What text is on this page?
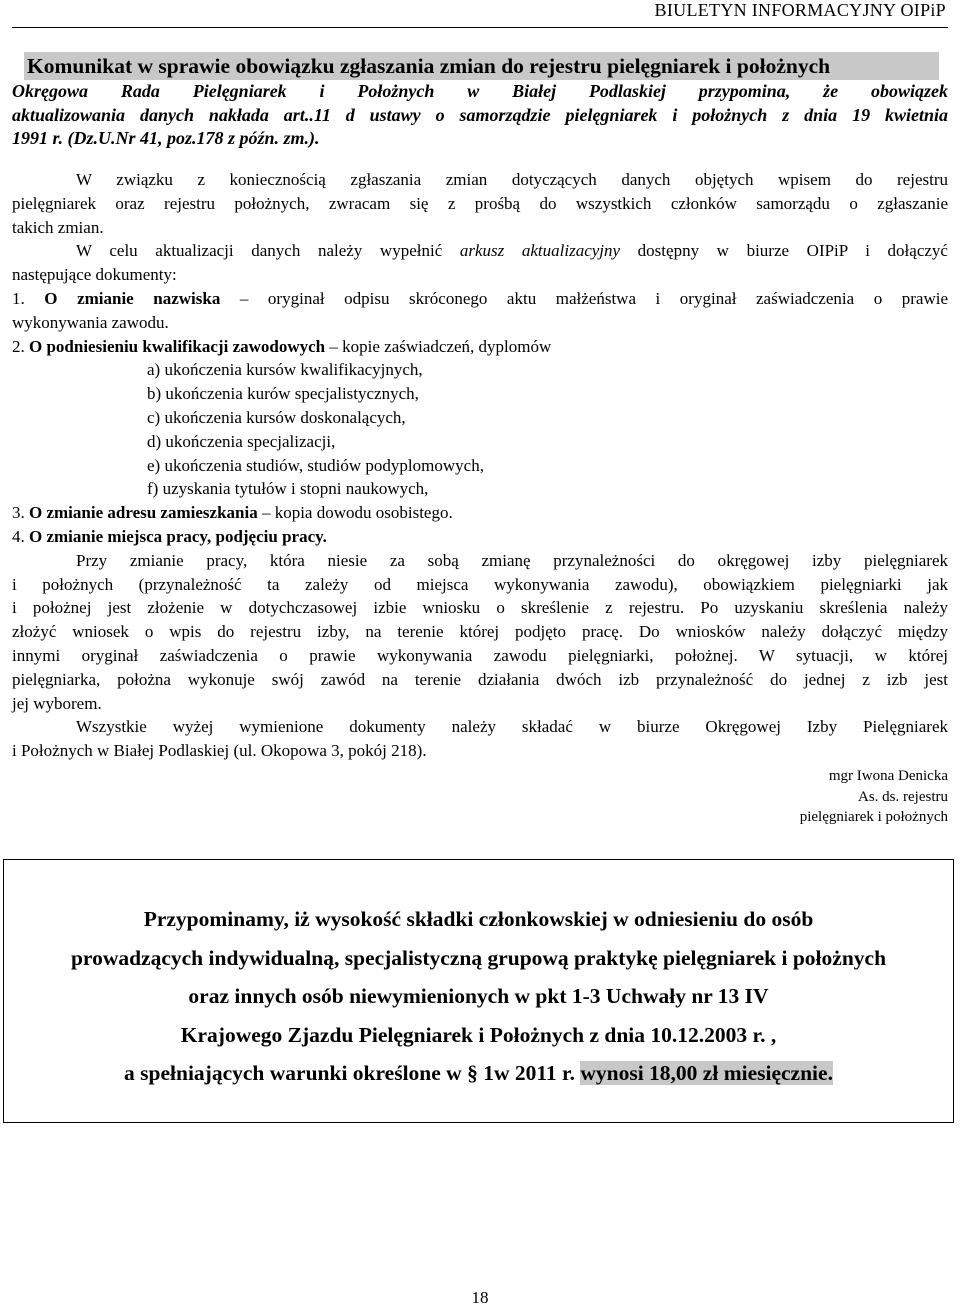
BIULETYN INFORMACYJNY OIPiP
Komunikat w sprawie obowiązku zgłaszania zmian do rejestru pielęgniarek i położnych
Okręgowa Rada Pielęgniarek i Położnych w Białej Podlaskiej przypomina, że obowiązek
aktualizowania danych nakłada art..11 d ustawy o samorządzie pielęgniarek i położnych z dnia 19 kwietnia
1991 r. (Dz.U.Nr 41, poz.178 z późn. zm.).
W związku z koniecznością zgłaszania zmian dotyczących danych objętych wpisem do rejestru
pielęgniarek oraz rejestru położnych, zwracam się z prośbą do wszystkich członków samorządu o zgłaszanie
takich zmian.
W celu aktualizacji danych należy wypełnić arkusz aktualizacyjny dostępny w biurze OIPiP i dołączyć
następujące dokumenty:
1. O zmianie nazwiska – oryginał odpisu skróconego aktu małżeństwa i oryginał zaświadczenia o prawie
wykonywania zawodu.
2. O podniesieniu kwalifikacji zawodowych – kopie zaświadczeń, dyplomów
a) ukończenia kursów kwalifikacyjnych,
b) ukończenia kurów specjalistycznych,
c) ukończenia kursów doskonalących,
d) ukończenia specjalizacji,
e) ukończenia studiów, studiów podyplomowych,
f) uzyskania tytułów i stopni naukowych,
3. O zmianie adresu zamieszkania – kopia dowodu osobistego.
4. O zmianie miejsca pracy, podjęciu pracy.
Przy zmianie pracy, która niesie za sobą zmianę przynależności do okręgowej izby pielęgniarek
i położnych (przynależność ta zależy od miejsca wykonywania zawodu), obowiązkiem pielęgniarki jak
i położnej jest złożenie w dotychczasowej izbie wniosku o skreślenie z rejestru. Po uzyskaniu skreślenia należy
złożyć wniosek o wpis do rejestru izby, na terenie której podjęto pracę. Do wniosków należy dołączyć między
innymi oryginał zaświadczenia o prawie wykonywania zawodu pielęgniarki, położnej. W sytuacji, w której
pielęgniarka, położna wykonuje swój zawód na terenie działania dwóch izb przynależność do jednej z izb jest
jej wyborem.
Wszystkie wyżej wymienione dokumenty należy składać w biurze Okręgowej Izby Pielęgniarek
i Położnych w Białej Podlaskiej (ul. Okopowa 3, pokój 218).
mgr Iwona Denicka
As. ds. rejestru
pielęgniarek i położnych
Przypominamy, iż wysokość składki członkowskiej w odniesieniu do osób
prowadzących indywidualną, specjalistyczną grupową praktykę pielęgniarek i położnych
oraz innych osób niewymienionych w pkt 1-3 Uchwały nr 13 IV
Krajowego Zjazdu Pielęgniarek i Położnych z dnia 10.12.2003 r. ,
a spełniających warunki określone w § 1w 2011 r. wynosi 18,00 zł miesięcznie.
18
